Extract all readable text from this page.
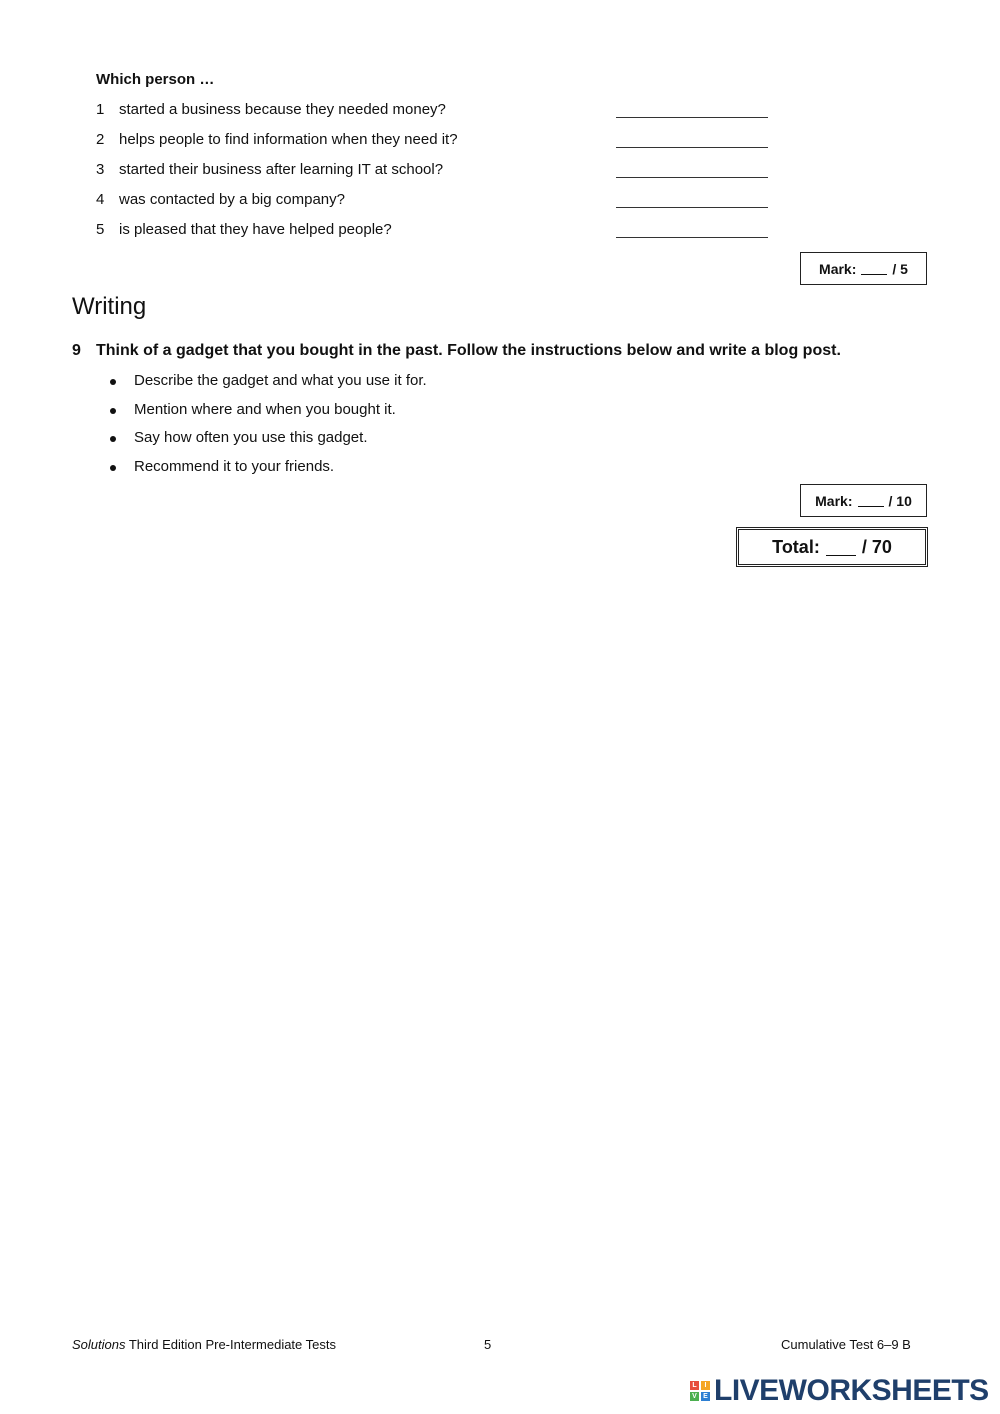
Which person …
1 started a business because they needed money?
2 helps people to find information when they need it?
3 started their business after learning IT at school?
4 was contacted by a big company?
5 is pleased that they have helped people?
Mark:	/ 5
Writing
9 Think of a gadget that you bought in the past. Follow the instructions below and write a blog post.
Describe the gadget and what you use it for.
Mention where and when you bought it.
Say how often you use this gadget.
Recommend it to your friends.
Mark:	/ 10
Total: / 70
Solutions Third Edition Pre-Intermediate Tests	5	Cumulative Test 6–9 B
L	I
V E LIVEWORKSHEETS
